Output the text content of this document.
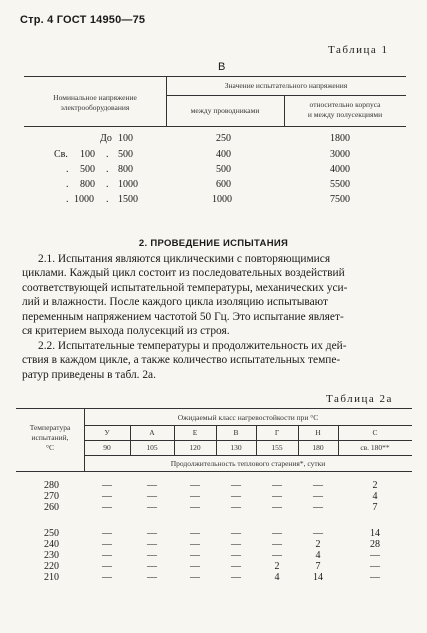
Стр. 4 ГОСТ 14950—75
Таблица 1
В
Номинальное напряжение
электрооборудования
Значение испытательного напряжения
между проводниками
относительно корпуса
и между полусекциями
До 100	250	1800
Св. 100 . 500	400	3000
. 500 . 800	500	4000
. 800 . 1000	600	5500
. 1000 . 1500	1000	7500
2. ПРОВЕДЕНИЕ ИСПЫТАНИЯ
2.1. Испытания являются циклическими с повторяющимися
циклами. Каждый цикл состоит из последовательных воздействий
соответствующей испытательной температуры, механических уси-
лий и влажности. После каждого цикла изоляцию испытывают
переменным напряжением частотой 50 Гц. Это испытание являет-
ся критерием выхода полусекций из строя.
2.2. Испытательные температуры и продолжительность их дей-
ствия в каждом цикле, а также количество испытательных темпе-
ратур приведены в табл. 2а.
Таблица 2а
Температура
испытаний,
°С
Ожидаемый класс нагревостойкости при °С
У	А	Е	В	Г	Н	С
90	105	120	130	155	180	св. 180**
Продолжительность теплового старения*, сутки
280	—	—	—	—	—	—	2
270	—	—	—	—	—	—	4
260	—	—	—	—	—	—	7
250	—	—	—	—	—	—	14
240	—	—	—	—	—	2	28
230	—	—	—	—	—	4	—
220	—	—	—	—	2	7	—
210	—	—	—	—	4	14	—
